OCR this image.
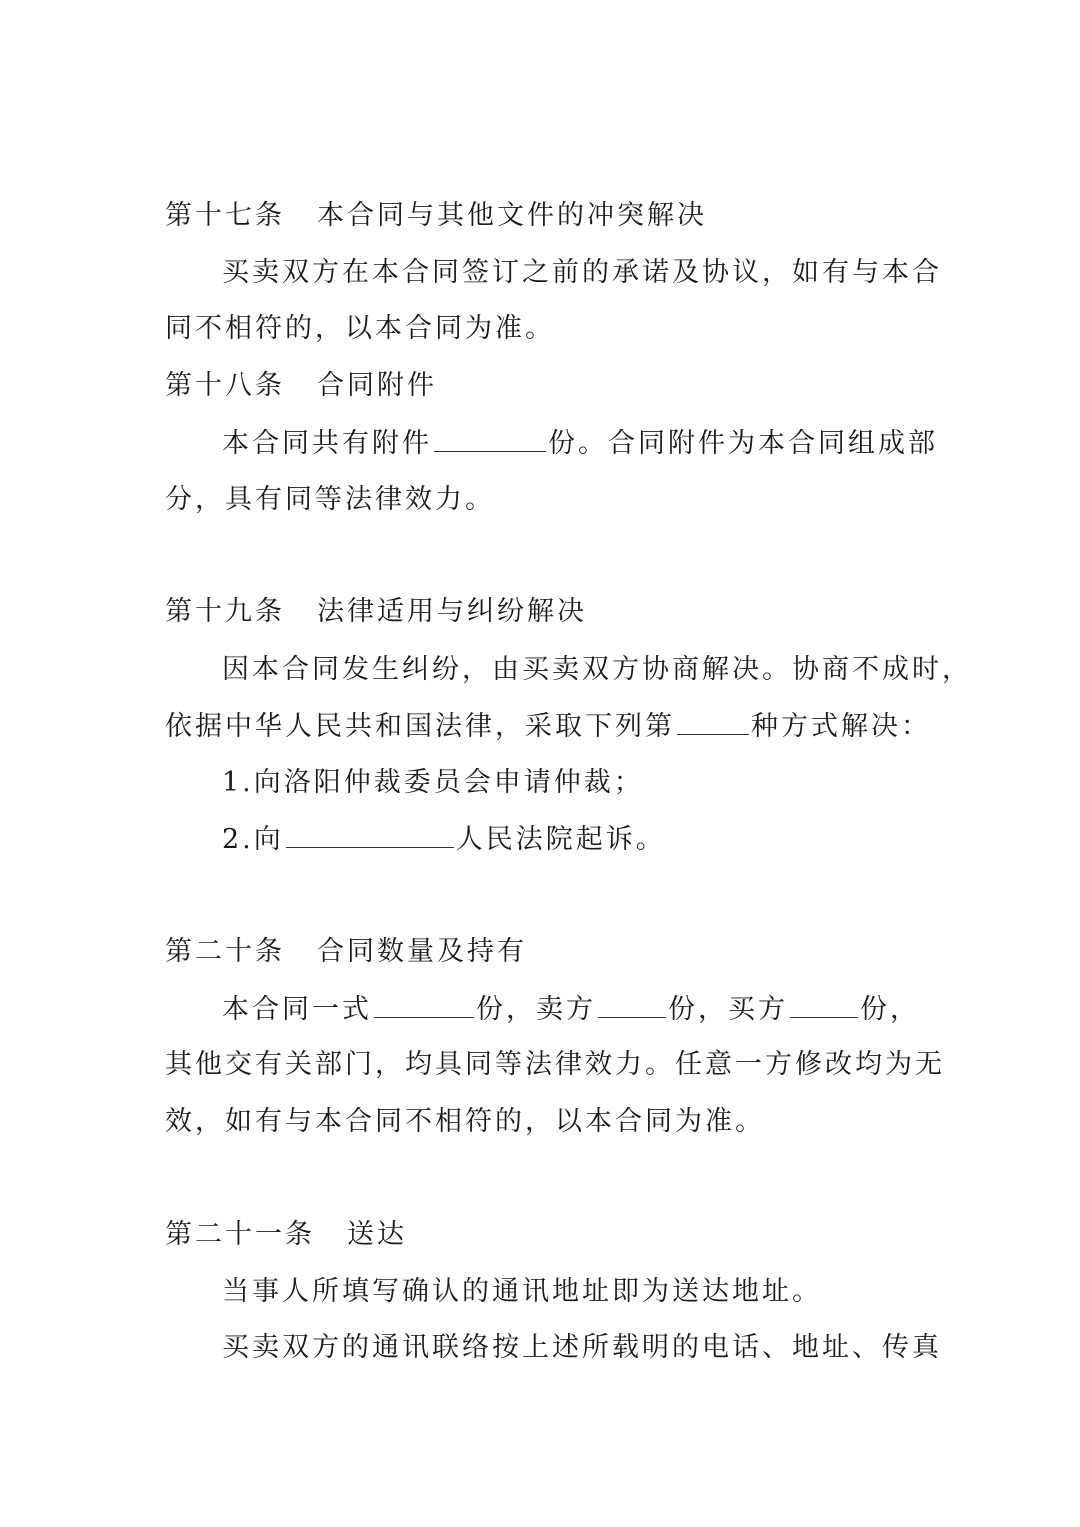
第十七条 本合同与其他文件的冲突解决
买卖双方在本合同签订之前的承诺及协议，如有与本合
同不相符的，以本合同为准。
第十八条 合同附件
本合同共有附件	份。合同附件为本合同组成部
分，具有同等法律效力。
第十九条 法律适用与纠纷解决
因本合同发生纠纷，由买卖双方协商解决。协商不成时，
依据中华人民共和国法律，采取下列第	种方式解决：
1.向洛阳仲裁委员会申请仲裁；
2.向	人民法院起诉。
第二十条 合同数量及持有
本合同一式	份，卖方	份，买方	份，
其他交有关部门，均具同等法律效力。任意一方修改均为无
效，如有与本合同不相符的，以本合同为准。
第二十一条 送达
当事人所填写确认的通讯地址即为送达地址。
买卖双方的通讯联络按上述所载明的电话、地址、传真
